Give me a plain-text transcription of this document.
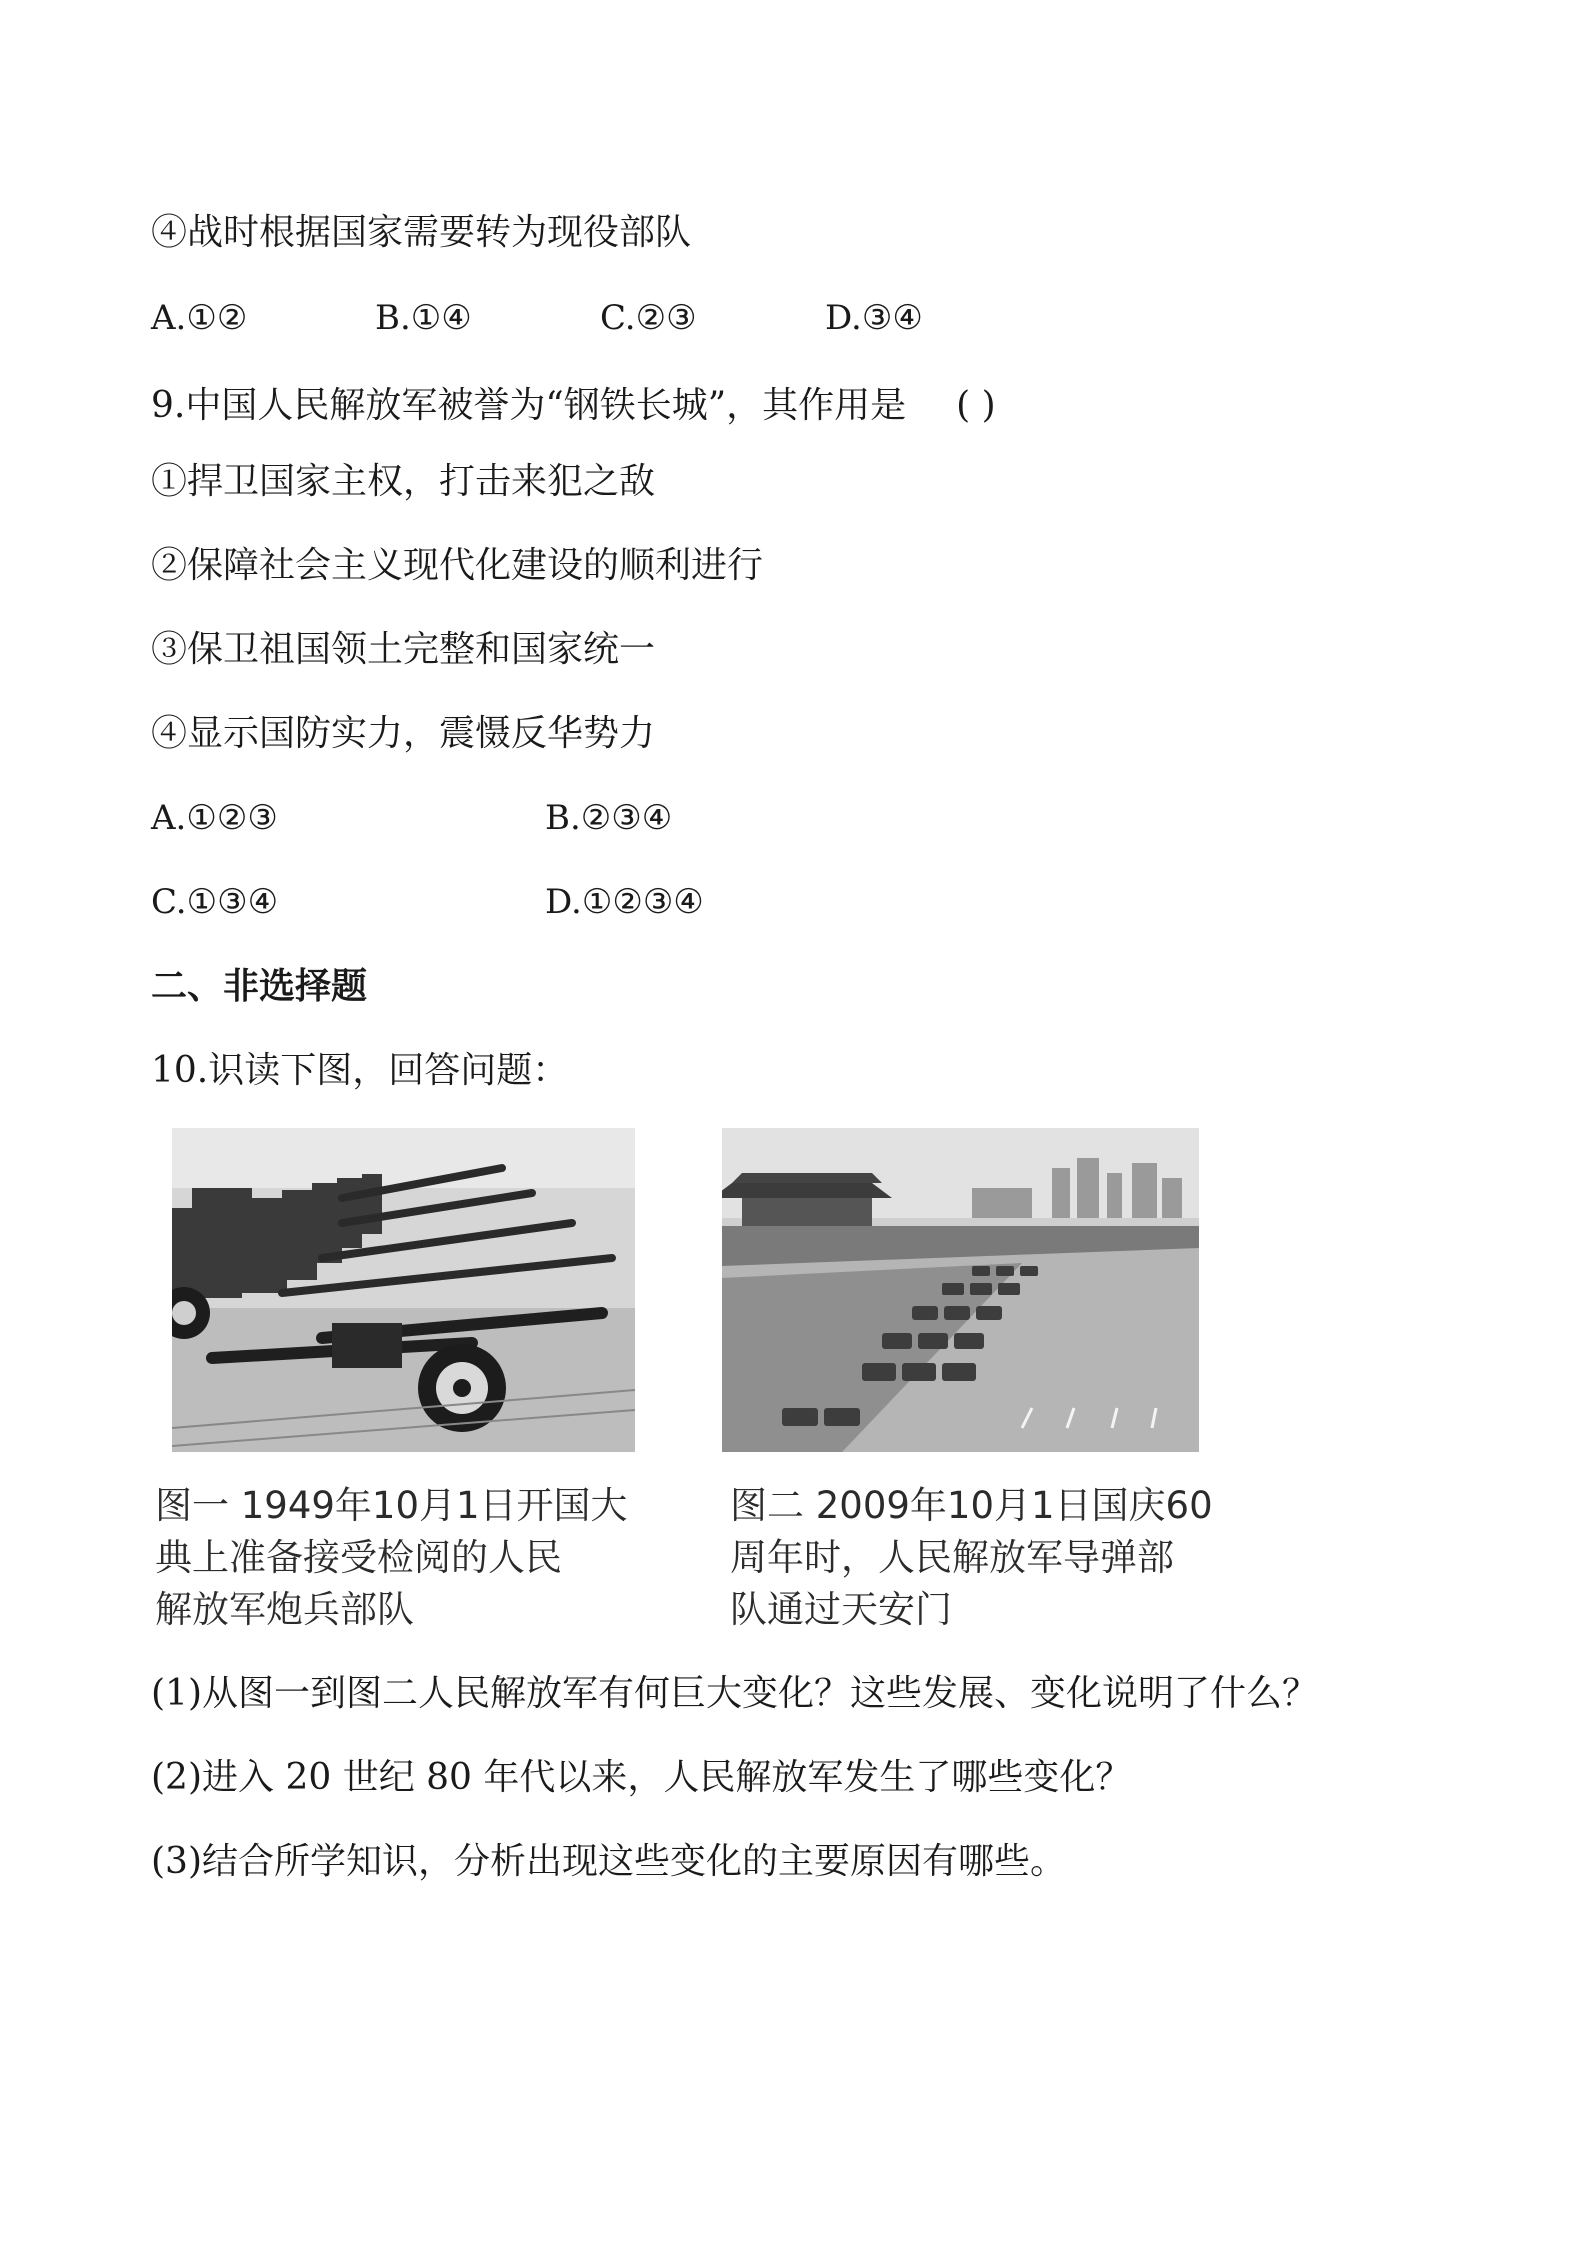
④战时根据国家需要转为现役部队
A.①②	B.①④	C.②③	D.③④
9.中国人民解放军被誉为“钢铁长城”，其作用是 ( )
①捍卫国家主权，打击来犯之敌
②保障社会主义现代化建设的顺利进行
③保卫祖国领土完整和国家统一
④显示国防实力，震慑反华势力
A.①②③	B.②③④
C.①③④	D.①②③④
二、非选择题
10.识读下图，回答问题：
图一 1949年10月1日开国大
典上准备接受检阅的人民
解放军炮兵部队
图二 2009年10月1日国庆60
周年时，人民解放军导弹部
队通过天安门
(1)从图一到图二人民解放军有何巨大变化？这些发展、变化说明了什么？
(2)进入 20 世纪 80 年代以来，人民解放军发生了哪些变化？
(3)结合所学知识，分析出现这些变化的主要原因有哪些。
